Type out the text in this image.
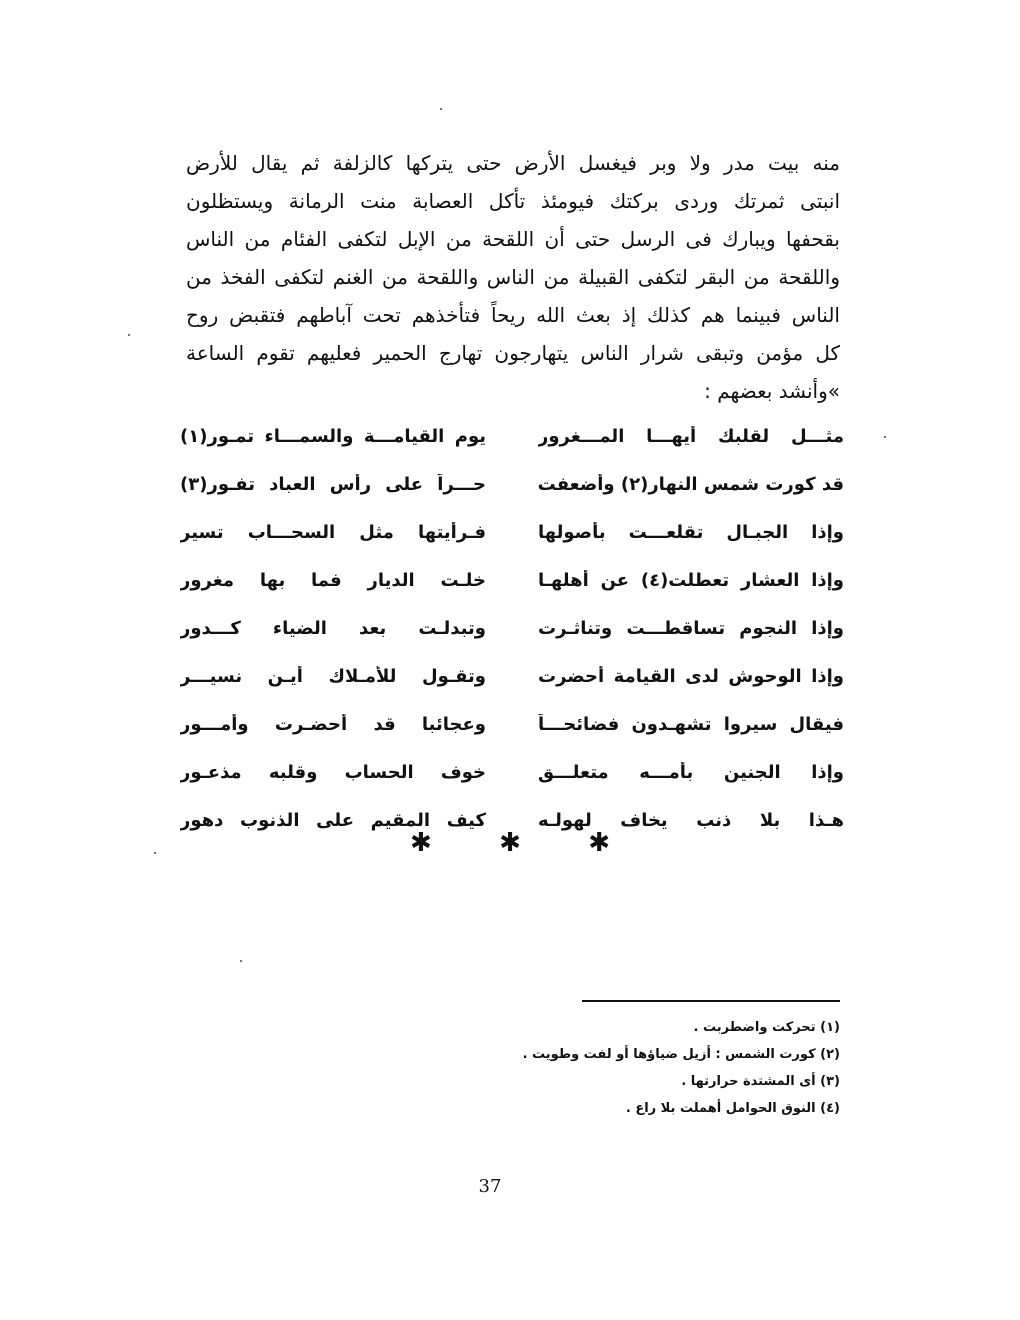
منه بيت مدر ولا وبر فيغسل الأرض حتى يتركها كالزلفة ثم يقال للأرض
انبتى ثمرتك وردى بركتك فيومئذ تأكل العصابة منت الرمانة ويستظلون
بقحفها ويبارك فى الرسل حتى أن اللقحة من الإبل لتكفى الفئام من الناس
واللقحة من البقر لتكفى القبيلة من الناس واللقحة من الغنم لتكفى الفخذ من
الناس فبينما هم كذلك إذ بعث الله ريحاً فتأخذهم تحت آباطهم فتقبض روح
كل مؤمن وتبقى شرار الناس يتهارجون تهارج الحمير فعليهم تقوم الساعة
»وأنشد بعضهم :
مثـــل لقلبك أيهـــا المـــغرور
يوم القيامـــة والسمـــاء تمـور(١)
قد كورت شمس النهار(٢) وأضعفت
حـــراً على رأس العباد تفـور(٣)
وإذا الجبـال تقلعـــت بأصولها
فـرأيتها مثل السحـــاب تسير
وإذا العشار تعطلت(٤) عن أهلهـا
خلـت الديار فما بها مغرور
وإذا النجوم تساقطـــت وتناثـرت
وتبدلـت بعد الضياء كـــدور
وإذا الوحوش لدى القيامة أحضرت
وتقـول للأمـلاك أيـن نسيـــر
فيقال سيروا تشهـدون فضائحـــاً
وعجائبا قد أحضـرت وأمـــور
وإذا الجنين بأمـــه متعلـــق
خوف الحساب وقلبه مذعـور
هـذا بلا ذنب يخاف لهولـه
كيف المقيم على الذنوب دهور
✱	✱	✱
(١) تحركت واضطربت .
(٢) كورت الشمس : أزيل ضياؤها أو لفت وطويت .
(٣) أى المشتدة حرارتها .
(٤) النوق الحوامل أهملت بلا راع .
37
